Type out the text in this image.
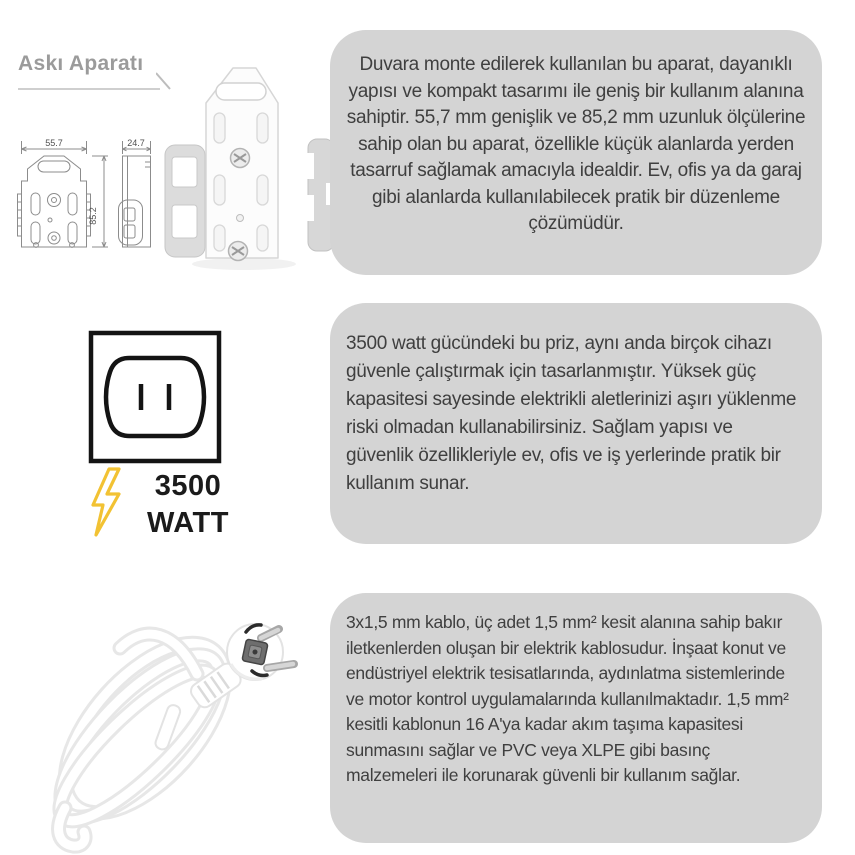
Askı Aparatı
55.7	24.7
85.2

Duvara monte edilerek kullanılan bu aparat, dayanıklı yapısı ve kompakt tasarımı ile geniş bir kullanım alanına sahiptir. 55,7 mm genişlik ve 85,2 mm uzunluk ölçülerine sahip olan bu aparat, özellikle küçük alanlarda yerden tasarruf sağlamak amacıyla idealdir. Ev, ofis ya da garaj gibi alanlarda kullanılabilecek pratik bir düzenleme çözümüdür.

3500
WATT

3500 watt gücündeki bu priz, aynı anda birçok cihazı güvenle çalıştırmak için tasarlanmıştır. Yüksek güç kapasitesi sayesinde elektrikli aletlerinizi aşırı yüklenme riski olmadan kullanabilirsiniz. Sağlam yapısı ve güvenlik özellikleriyle ev, ofis ve iş yerlerinde pratik bir kullanım sunar.

3x1,5 mm kablo, üç adet 1,5 mm² kesit alanına sahip bakır iletkenlerden oluşan bir elektrik kablosudur. İnşaat konut ve endüstriyel elektrik tesisatlarında, aydınlatma sistemlerinde ve motor kontrol uygulamalarında kullanılmaktadır. 1,5 mm² kesitli kablonun 16 A'ya kadar akım taşıma kapasitesi sunmasını sağlar ve PVC veya XLPE gibi basınç malzemeleri ile korunarak güvenli bir kullanım sağlar.
